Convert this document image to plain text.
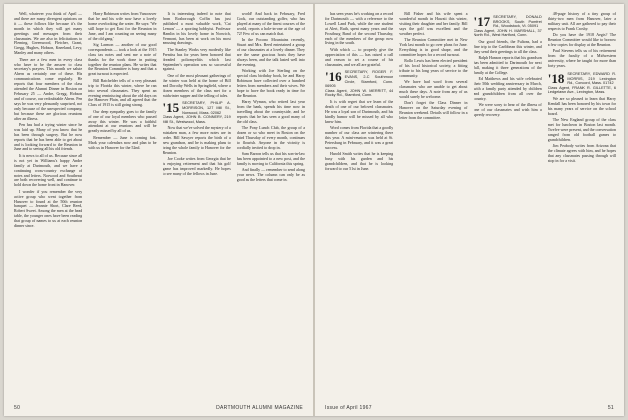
Well, whatever you think of April — and there are many divergent opinions on it — these follows like because it's the month in which they will get many greetings and messages from their classmates. We are also in felicitations to Fleming, Greenwood, Fletcher, Grant, Gregg, Hughes, Hobson, Kneeland, Levy, Manley and many others.

There are a few men in every class who have to be the answer to class secretary's prayers. This month we salute Ahern as certainly one of these. His communications come regularly. He reports that four members of the class attended the Alumni Dinner in Boston on February 25 — Andre, Gregg, Hobson and of course, our redoubtable Ahern. Pen says he was very pleasantly surprised, not only because of the unexpected company, but because these are glorious reunions after an illness.

Pen has had a trying winter since he was laid up. Many of you know that he has been through surgery. But he now reports that he has been able to get about and is looking forward to the Reunion in June and to seeing all his old friends.

It is news to all of us. Because since all is not yet in Williams's happy Andre family at Dartmouth, and we have a continuing cross-country exchange of notes and letters. Norwood and Southeast are both recovering well, and continue to hold down the home front in Hanover.

I wonder if you remember the very active group who went together from Hanover to found at the 50th reunion banquet — Jeannie Short, Clare Reed, Robert Sweet. Among the men at the head table, the younger ones have been reading that group of names to us at each reunion dinner since.

Harry Robinson writes from Vancouver that he and his wife now have a lovely home overlooking the water. He says: 'We still hope to get East for the Reunion in June, and I am counting on seeing many of the old gang.'

Sig Larmon — another of our good correspondents — took a look at the 1915 class tax notes and sent me a note of thanks for the work done in putting together the reunion plans. He writes that the Reunion Committee is busy and that a great turnout is expected.

Bill Batchelder tells of a very pleasant trip to Florida this winter, where he ran into several classmates. They spent an evening reminiscing about the old days on the Hanover Plain, and all agreed that the Class of 1915 is still going strong.

Our deep sympathy goes to the family of one of our loyal members who passed away this winter. He was a faithful attendant at our reunions and will be greatly missed by all of us.

Remember — June is coming fast. Mark your calendars now and plan to be with us in Hanover for the 52nd.

It is interesting indeed to note that from Rosborough Coffin has just published a most valuable work, 'Cat Lemon' — a sporting hobbyist. Professor Hamlin in his lovely home in Norwich, Vermont, has been at work on his most amusing drawings.

The Stanley Works very modestly like Prentiss has for years been honored that dreaded poliomyelitis which last September's operation was so successful against.

One of the most pleasant gatherings of the winter was held at the home of Bill and Dorothy Wells in Springfield, where a dozen members of the class met for a midwinter supper and the telling of tales.

'15 SECRETARY, PHILIP A. MORRISON, 127 Mill St., Norwood, Mass. 02062
Class Agent, JOHN B. CONNERY, 219 Mill St., Westwood, Mass.

Now that we've solved the mystery of a mistaken man, a few more notes are in order. Bill Sawyer reports the birth of a new grandson, and he is making plans to bring the whole family to Hanover for the Reunion.

Joe Cooke writes from Georgia that he is enjoying retirement and that his golf game has improved markedly. He hopes to see many of the fellows in June.

world! And back in February, Fred Cook, our outstanding golfer, who has played at many of the finest courses of the world, reports a hole-in-one at the age of 72! Few of us can match that.

In the Pocono Mountains recently, Stuart and Mrs. Reed entertained a group of our classmates at a lovely dinner. They are the same gracious hosts they have always been, and the talk lasted well into the evening.

Working with Joe Sterling on the special class birthday book, he and Harry Robinson have collected over a hundred letters from members and their wives. We hope to have the book ready in time for the Reunion.

Harry Wyman, who retired last year from the bank, spends his time now in travelling about the countryside, and he reports that he has seen a good many of the old class.

The Pony Lunch Club, the group of a dozen or so who meet in Boston on the third Thursday of every month, continues to flourish. Anyone in the vicinity is cordially invited to drop in.

Sam Barron tells us that his son-in-law has been appointed to a new post, and the family is moving to California this spring.

And finally — remember to send along your news. The column can only be as good as the letters that come in.

50	DARTMOUTH ALUMNI MAGAZINE

has seen years he's working on a record for Dartmouth — with a reference to the Lowell Land Park, while the one student at Alert, Ruth, spent many years and the Frostburg Band of the second Thursday, each of the members of the group now living in the south.

With which — to properly give the appreciation of this — has raised a call and reason to set a course of his classmates, and we all are grateful.

'16 SECRETARY, ROGER F. EVANS, 2-C Southmoor Circle, Stamford, Conn. 06905
Class Agent, JOHN W. MERRITT, 44 Rocky Rd., Stamford, Conn.

It is with regret that we learn of the death of one of our beloved classmates. He was a loyal son of Dartmouth, and his kindly humor will be missed by all who knew him.

Word comes from Florida that a goodly number of our class are wintering there this year. A mini-reunion was held at St. Petersburg in February, and it was a great success.

Harold Smith writes that he is keeping busy with his garden and his grandchildren, and that he is looking forward to our 51st in June.

Bill Fisher and his wife spent a wonderful month in Hawaii this winter, visiting their daughter and her family. Bill says the golf was excellent and the weather perfect.

The Reunion Committee met in New York last month to go over plans for June. Everything is in good shape, and the committee hopes for a record turnout.

Rollo Lewis has been elected president of his local historical society, a fitting tribute to his long years of service to the community.

We have had word from several classmates who are unable to get about much these days. A note from any of us would surely be welcome.

Don't forget the Class Dinner in Hanover on the Saturday evening of Reunion weekend. Details will follow in a letter from the committee.

'17 SECRETARY, DONALD BROOKS, South Pomfret Rd., Woodstock, Vt. 05091
Class Agent, JOHN H. MARSHALL, 37 North Rd., West Hartford, Conn.

Our good friends, the Fultons, had a fine trip to the Caribbean this winter, and they send their greetings to all the class.

Ralph Hanson reports that his grandson has been admitted to Dartmouth for next fall, making it three generations of the family at the College.

Ed Matthews and his wife celebrated their 50th wedding anniversary in March, with a family party attended by children and grandchildren from all over the country.

We were sorry to hear of the illness of one of our classmates and wish him a speedy recovery.

48-page history of a tiny group of thirty-two men from Hanover, later a military unit. All are gathered to pay their respects to Frank Crosby.

Do you have the 1918 Aegis? The Reunion Committee would like to borrow a few copies for display at the Reunion.

Paul Stevens tells us of his retirement from the faculty of a Midwestern university, where he taught for more than forty years.

'18 SECRETARY, EDWARD R. MORRIS, 219 Lexington Rd., Concord, Mass. 01742
Class Agent, FRANK R. GILLETTE, 6 Ledgelawn Ave., Lexington, Mass.

We are so pleased to learn that Harry Kendall has been honored by his town for his many years of service on the school board.

The New England group of the class met for luncheon in Boston last month. Twelve were present, and the conversation ranged from old football games to grandchildren.

Jim Peabody writes from Arizona that the climate agrees with him, and he hopes that any classmates passing through will stop in for a visit.

Issue of April 1967	51
